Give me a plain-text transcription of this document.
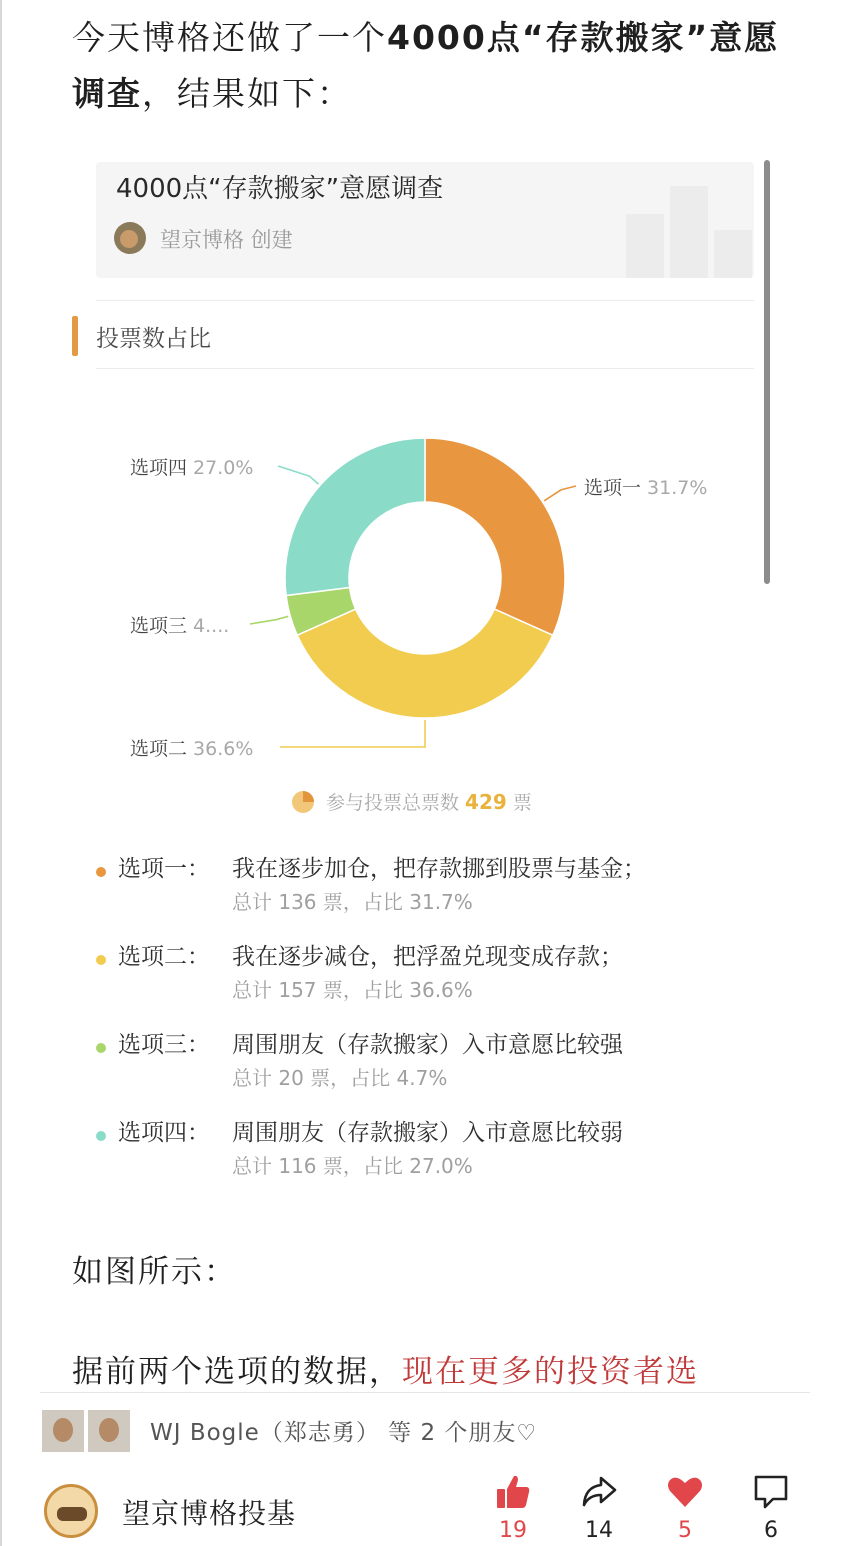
今天博格还做了一个4000点“存款搬家”意愿调查，结果如下：
4000点“存款搬家”意愿调查
望京博格 创建
投票数占比
选项一 31.7%
选项二 36.6%
选项三 4....
选项四 27.0%
参与投票总票数 429 票
选项一： 我在逐步加仓，把存款挪到股票与基金；
总计 136 票，占比 31.7%
选项二： 我在逐步减仓，把浮盈兑现变成存款；
总计 157 票，占比 36.6%
选项三： 周围朋友（存款搬家）入市意愿比较强
总计 20 票，占比 4.7%
选项四： 周围朋友（存款搬家）入市意愿比较弱
总计 116 票，占比 27.0%
如图所示：
据前两个选项的数据，现在更多的投资者选
WJ Bogle（郑志勇） 等 2 个朋友♡
望京博格投基
19	14	5	6
